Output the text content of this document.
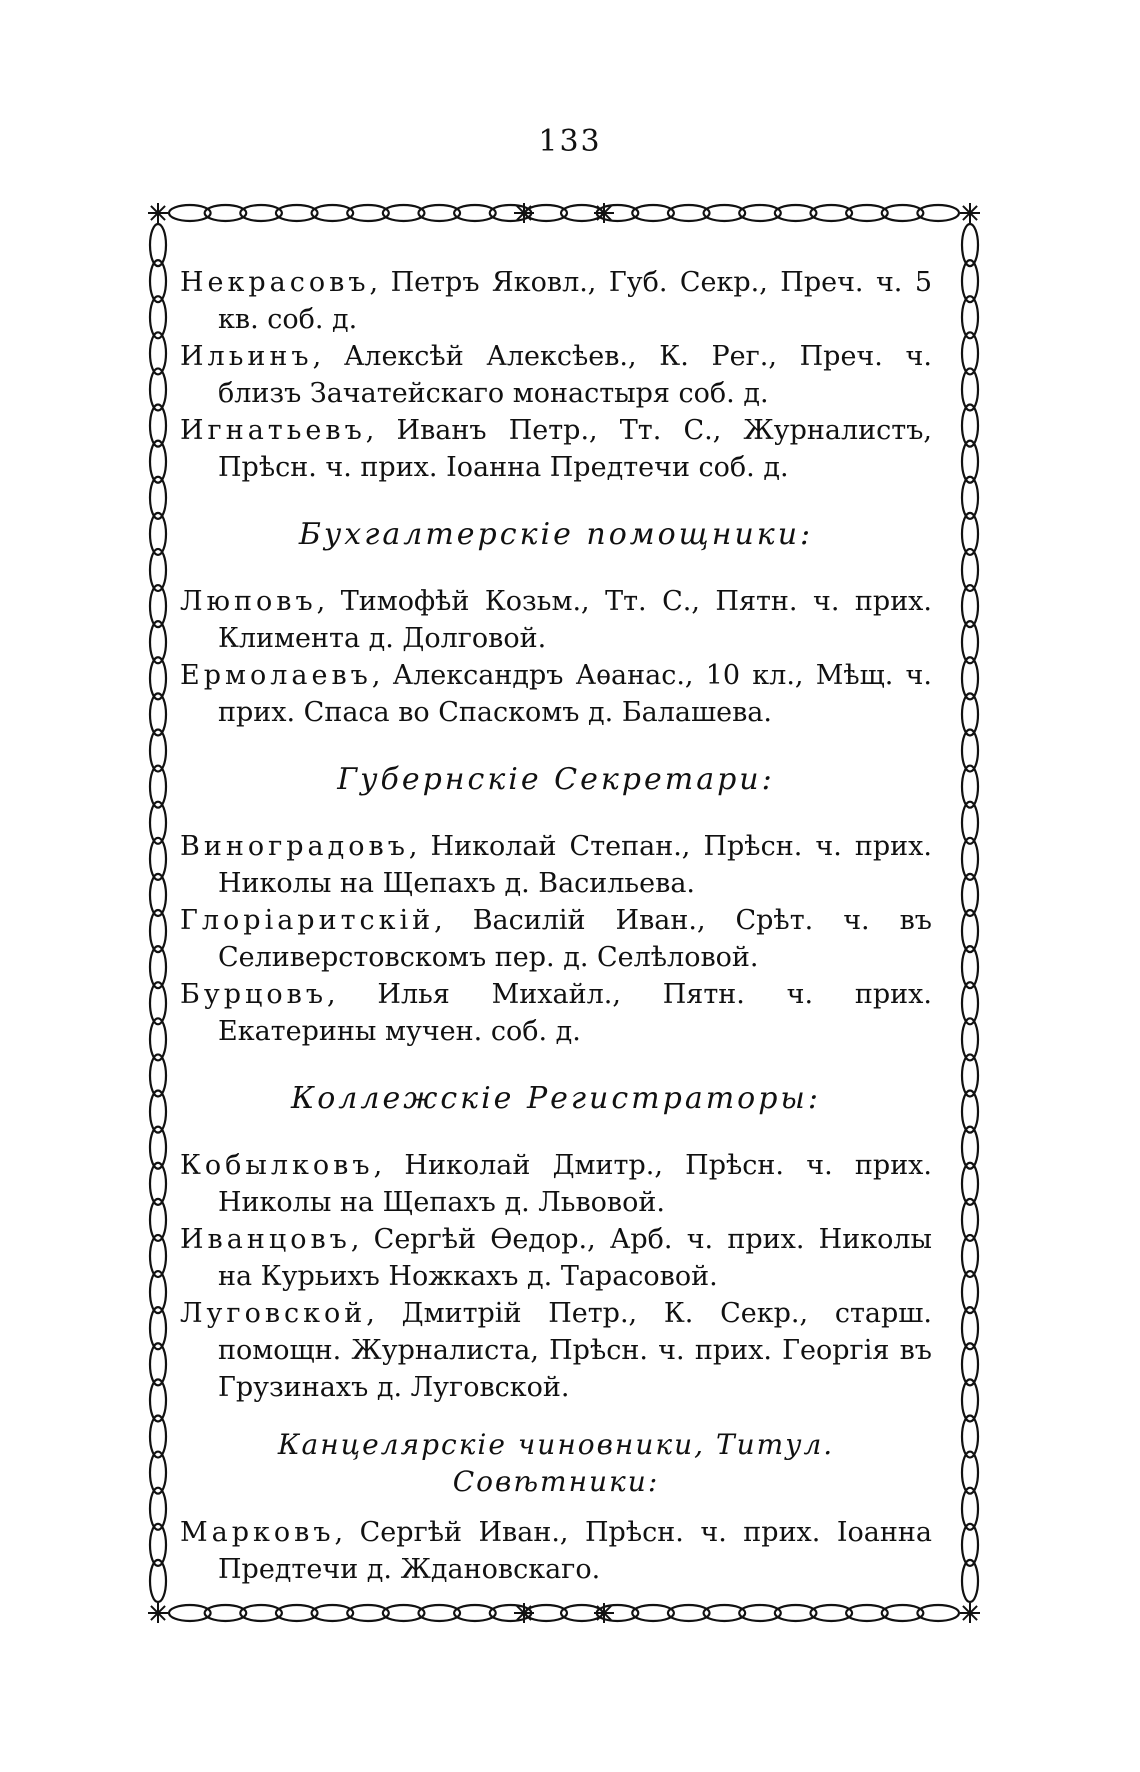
133

Некрасовъ, Петръ Яковл., Губ. Секр., Преч. ч. 5 кв. соб. д.

Ильинъ, Алексѣй Алексѣев., К. Рег., Преч. ч. близъ Зачатейскаго монастыря соб. д.

Игнатьевъ, Иванъ Петр., Тт. С., Журналистъ, Прѣсн. ч. прих. Іоанна Предтечи соб. д.

Бухгалтерскіе помощники:

Люповъ, Тимофѣй Козьм., Тт. С., Пятн. ч. прих. Климента д. Долговой.

Ермолаевъ, Александръ Аѳанас., 10 кл., Мѣщ. ч. прих. Спаса во Спаскомъ д. Балашева.

Губернскіе Секретари:

Виноградовъ, Николай Степан., Прѣсн. ч. прих. Николы на Щепахъ д. Васильева.

Глоріаритскій, Василій Иван., Срѣт. ч. въ Селиверстовскомъ пер. д. Селѣловой.

Бурцовъ, Илья Михайл., Пятн. ч. прих. Екатерины мучен. соб. д.

Коллежскіе Регистраторы:

Кобылковъ, Николай Дмитр., Прѣсн. ч. прих. Николы на Щепахъ д. Львовой.

Иванцовъ, Сергѣй Ѳедор., Арб. ч. прих. Николы на Курьихъ Ножкахъ д. Тарасовой.

Луговской, Дмитрій Петр., К. Секр., старш. помощн. Журналиста, Прѣсн. ч. прих. Георгія въ Грузинахъ д. Луговской.

Канцелярскіе чиновники, Титул. Совѣтники:

Марковъ, Сергѣй Иван., Прѣсн. ч. прих. Іоанна Предтечи д. Ждановскаго.
